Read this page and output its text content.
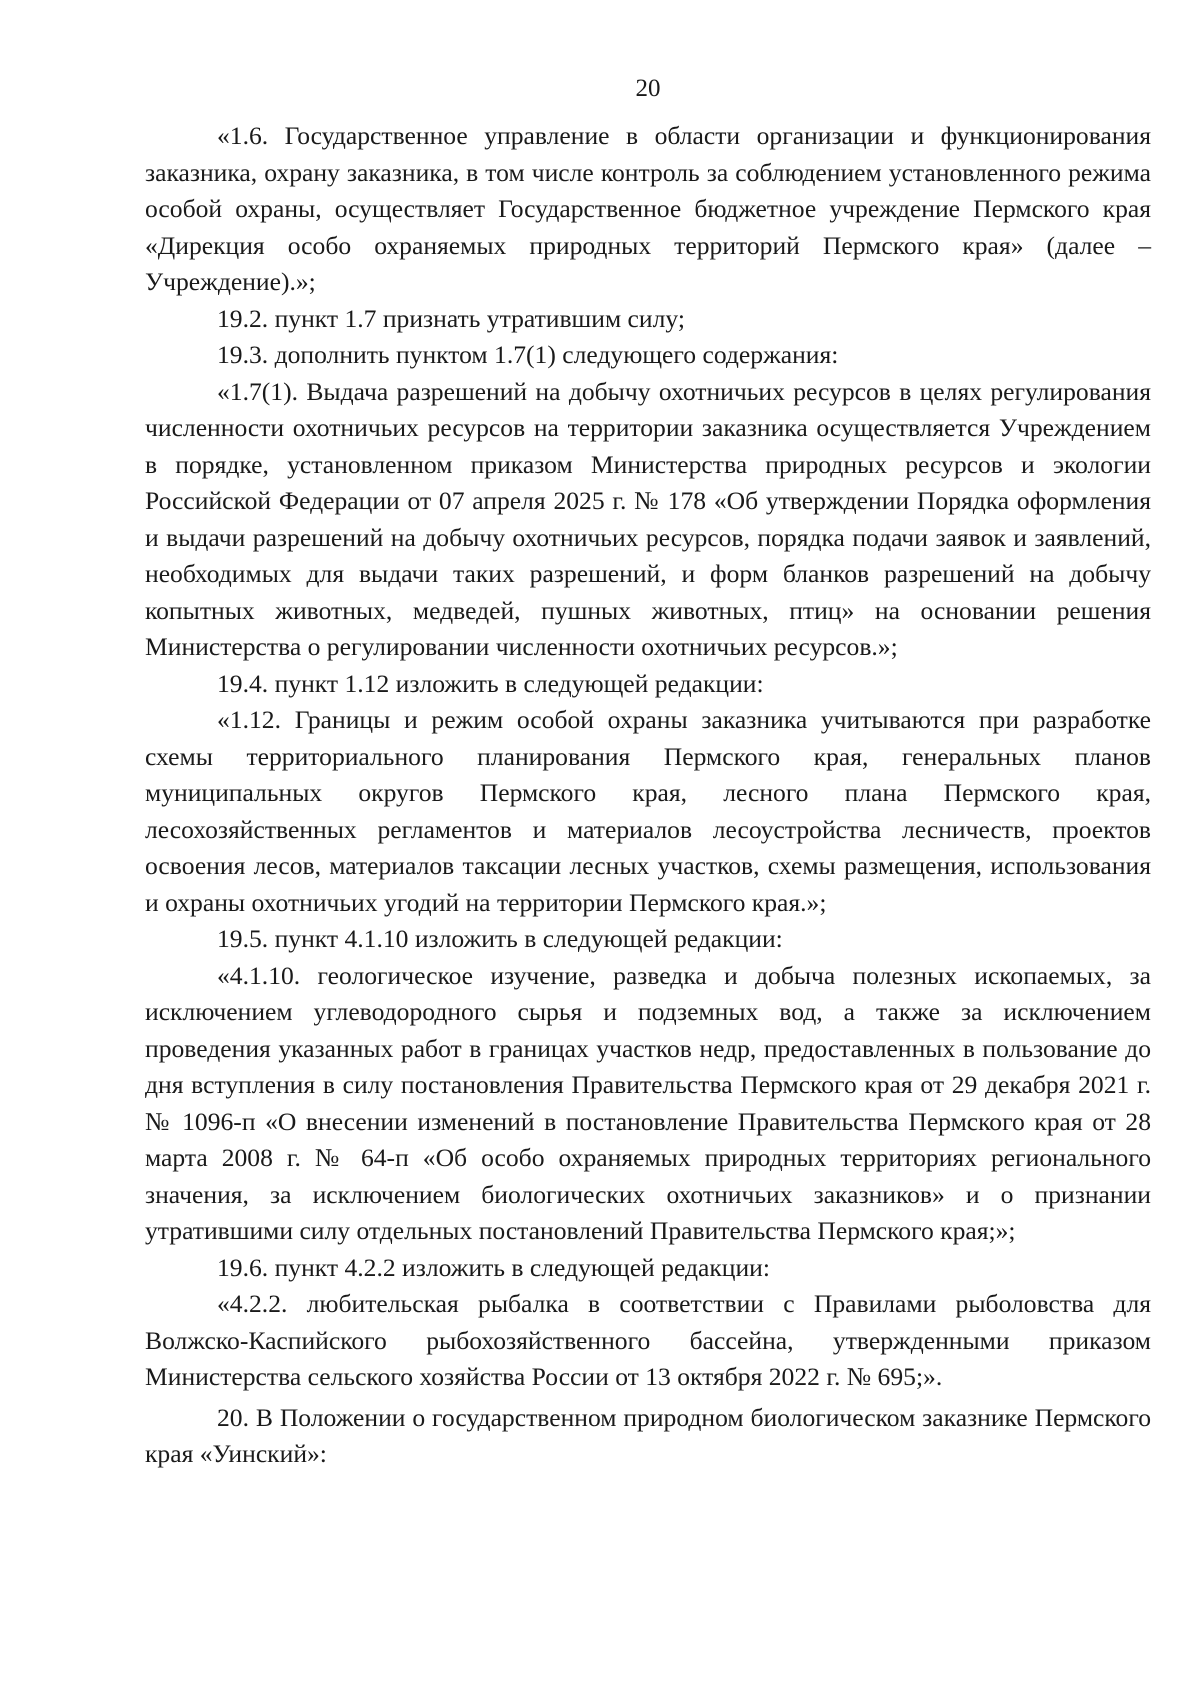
20

«1.6. Государственное управление в области организации и функционирования заказника, охрану заказника, в том числе контроль за соблюдением установленного режима особой охраны, осуществляет Государственное бюджетное учреждение Пермского края «Дирекция особо охраняемых природных территорий Пермского края» (далее – Учреждение).»;

19.2. пункт 1.7 признать утратившим силу;

19.3. дополнить пунктом 1.7(1) следующего содержания:

«1.7(1). Выдача разрешений на добычу охотничьих ресурсов в целях регулирования численности охотничьих ресурсов на территории заказника осуществляется Учреждением в порядке, установленном приказом Министерства природных ресурсов и экологии Российской Федерации от 07 апреля 2025 г. № 178 «Об утверждении Порядка оформления и выдачи разрешений на добычу охотничьих ресурсов, порядка подачи заявок и заявлений, необходимых для выдачи таких разрешений, и форм бланков разрешений на добычу копытных животных, медведей, пушных животных, птиц» на основании решения Министерства о регулировании численности охотничьих ресурсов.»;

19.4. пункт 1.12 изложить в следующей редакции:

«1.12. Границы и режим особой охраны заказника учитываются при разработке схемы территориального планирования Пермского края, генеральных планов муниципальных округов Пермского края, лесного плана Пермского края, лесохозяйственных регламентов и материалов лесоустройства лесничеств, проектов освоения лесов, материалов таксации лесных участков, схемы размещения, использования и охраны охотничьих угодий на территории Пермского края.»;

19.5. пункт 4.1.10 изложить в следующей редакции:

«4.1.10. геологическое изучение, разведка и добыча полезных ископаемых, за исключением углеводородного сырья и подземных вод, а также за исключением проведения указанных работ в границах участков недр, предоставленных в пользование до дня вступления в силу постановления Правительства Пермского края от 29 декабря 2021 г. № 1096-п «О внесении изменений в постановление Правительства Пермского края от 28 марта 2008 г. № 64-п «Об особо охраняемых природных территориях регионального значения, за исключением биологических охотничьих заказников» и о признании утратившими силу отдельных постановлений Правительства Пермского края;»;

19.6. пункт 4.2.2 изложить в следующей редакции:

«4.2.2. любительская рыбалка в соответствии с Правилами рыболовства для Волжско-Каспийского рыбохозяйственного бассейна, утвержденными приказом Министерства сельского хозяйства России от 13 октября 2022 г. № 695;».

20. В Положении о государственном природном биологическом заказнике Пермского края «Уинский»:
